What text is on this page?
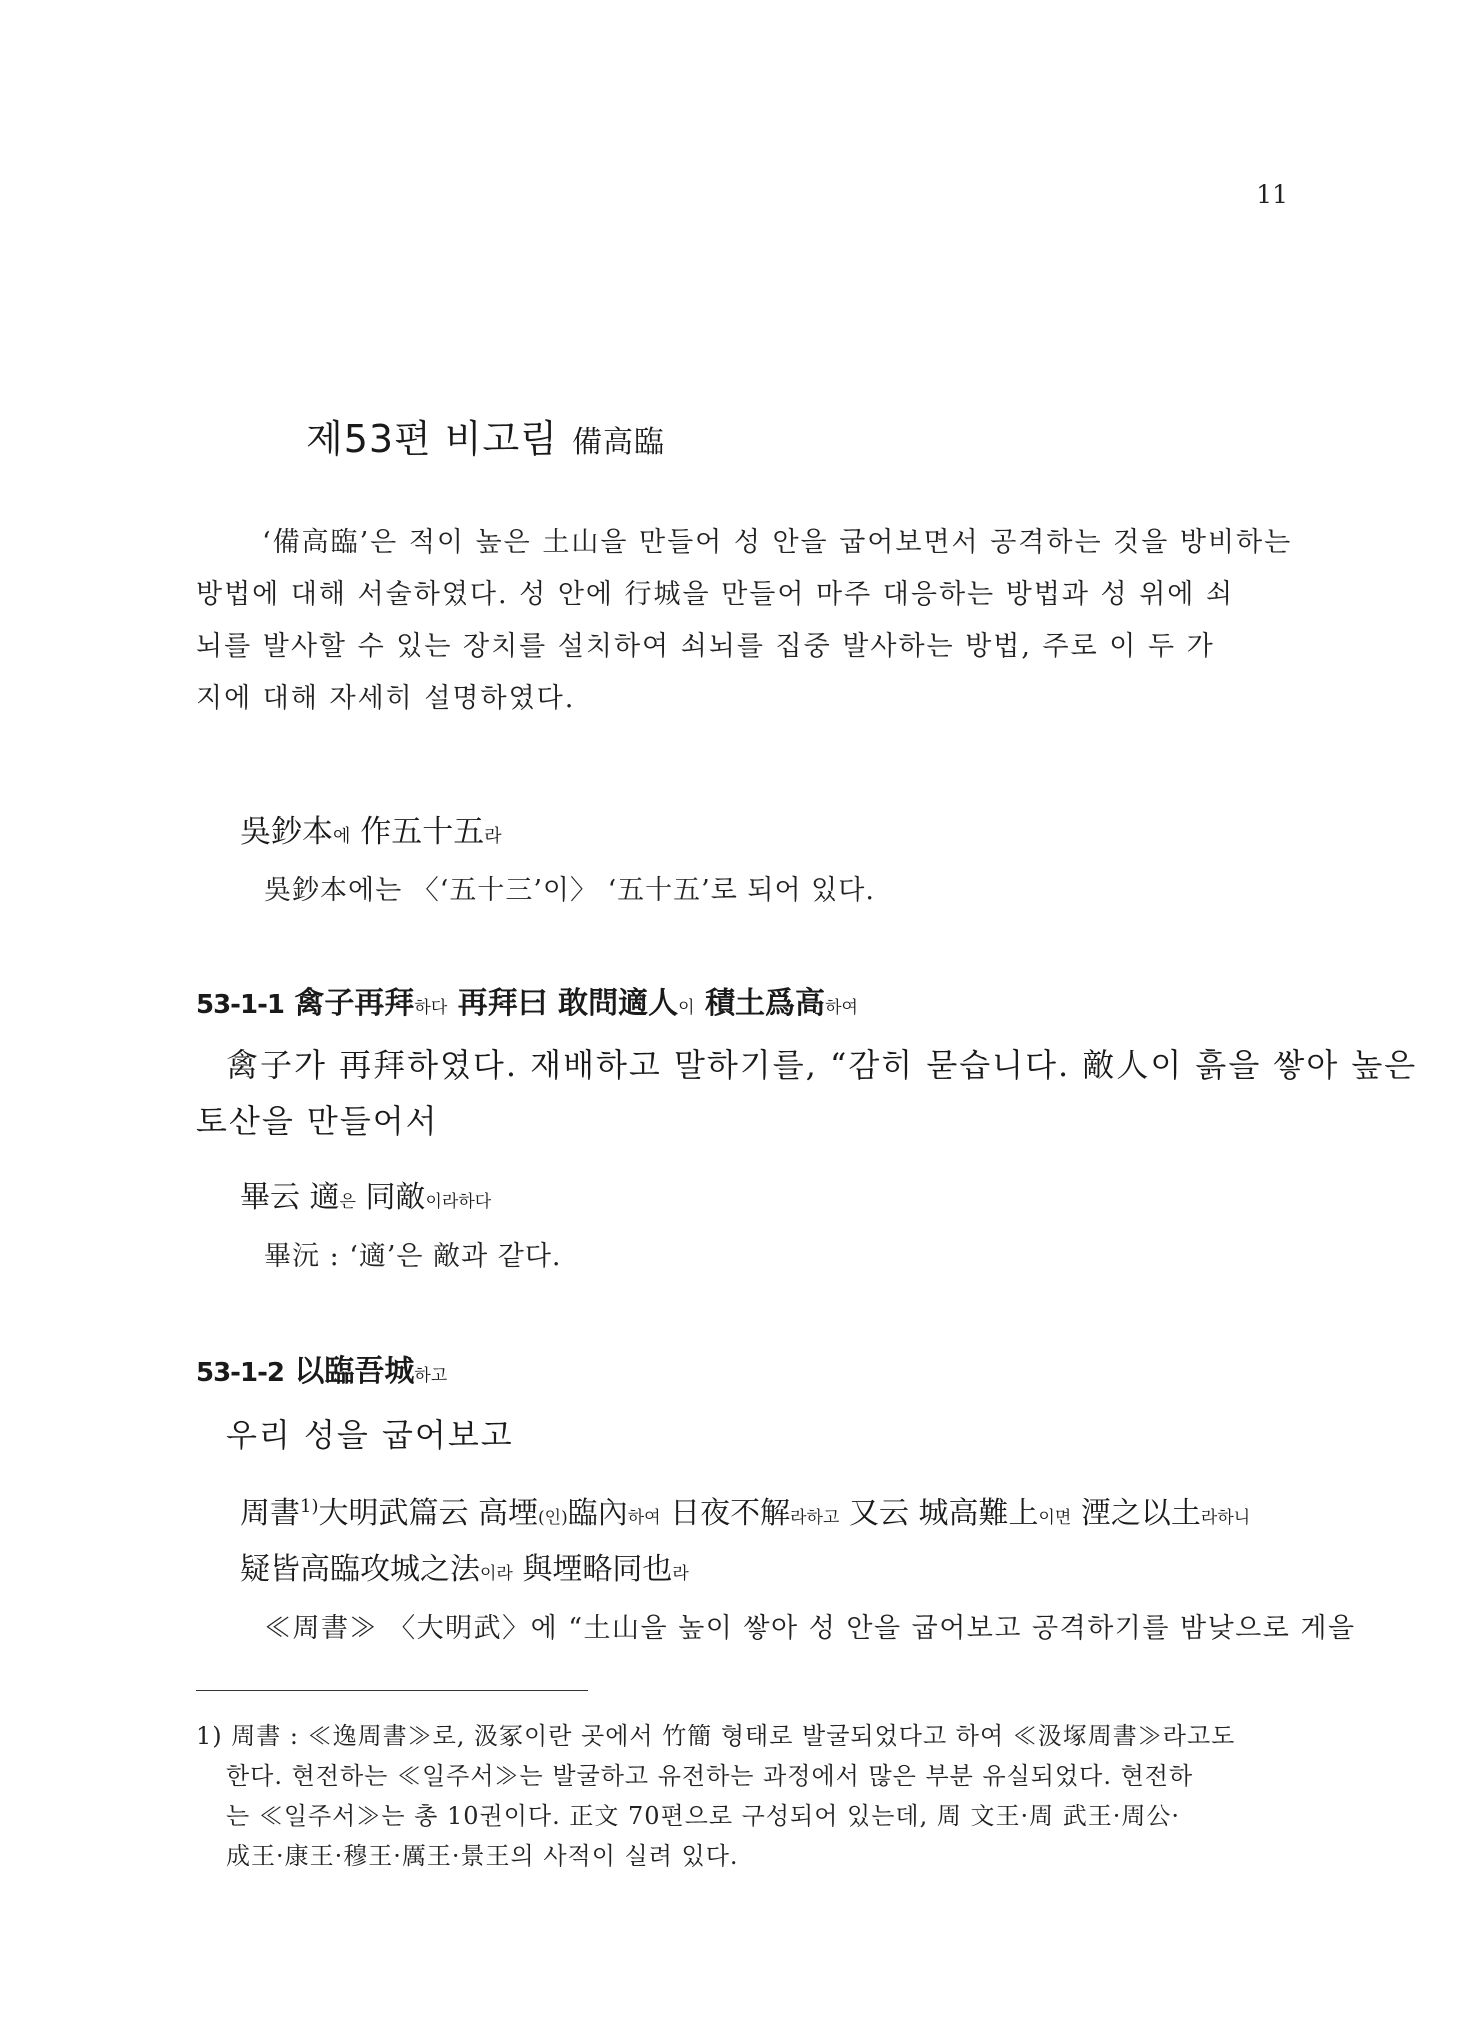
11
제53편 비고림 備高臨
‘備高臨’은 적이 높은 土山을 만들어 성 안을 굽어보면서 공격하는 것을 방비하는
방법에 대해 서술하였다. 성 안에 行城을 만들어 마주 대응하는 방법과 성 위에 쇠
뇌를 발사할 수 있는 장치를 설치하여 쇠뇌를 집중 발사하는 방법, 주로 이 두 가
지에 대해 자세히 설명하였다.
吳鈔本에 作五十五라
吳鈔本에는 〈‘五十三’이〉 ‘五十五’로 되어 있다.
53-1-1 禽子再拜하다 再拜曰 敢問適人이 積土爲高하여
禽子가 再拜하였다. 재배하고 말하기를, “감히 묻습니다. 敵人이 흙을 쌓아 높은
토산을 만들어서
畢云 適은 同敵이라하다
畢沅 : ‘適’은 敵과 같다.
53-1-2 以臨吾城하고
우리 성을 굽어보고
周書$^{1)}$大明武篇云 高堙(인)臨內하여 日夜不解라하고 又云 城高難上이면 湮之以土라하니
疑皆高臨攻城之法이라 與堙略同也라
≪周書≫ 〈大明武〉에 “土山을 높이 쌓아 성 안을 굽어보고 공격하기를 밤낮으로 게을
1) 周書 : ≪逸周書≫로, 汲冢이란 곳에서 竹簡 형태로 발굴되었다고 하여 ≪汲塚周書≫라고도
한다. 현전하는 ≪일주서≫는 발굴하고 유전하는 과정에서 많은 부분 유실되었다. 현전하
는 ≪일주서≫는 총 10권이다. 正文 70편으로 구성되어 있는데, 周 文王·周 武王·周公·
成王·康王·穆王·厲王·景王의 사적이 실려 있다.
